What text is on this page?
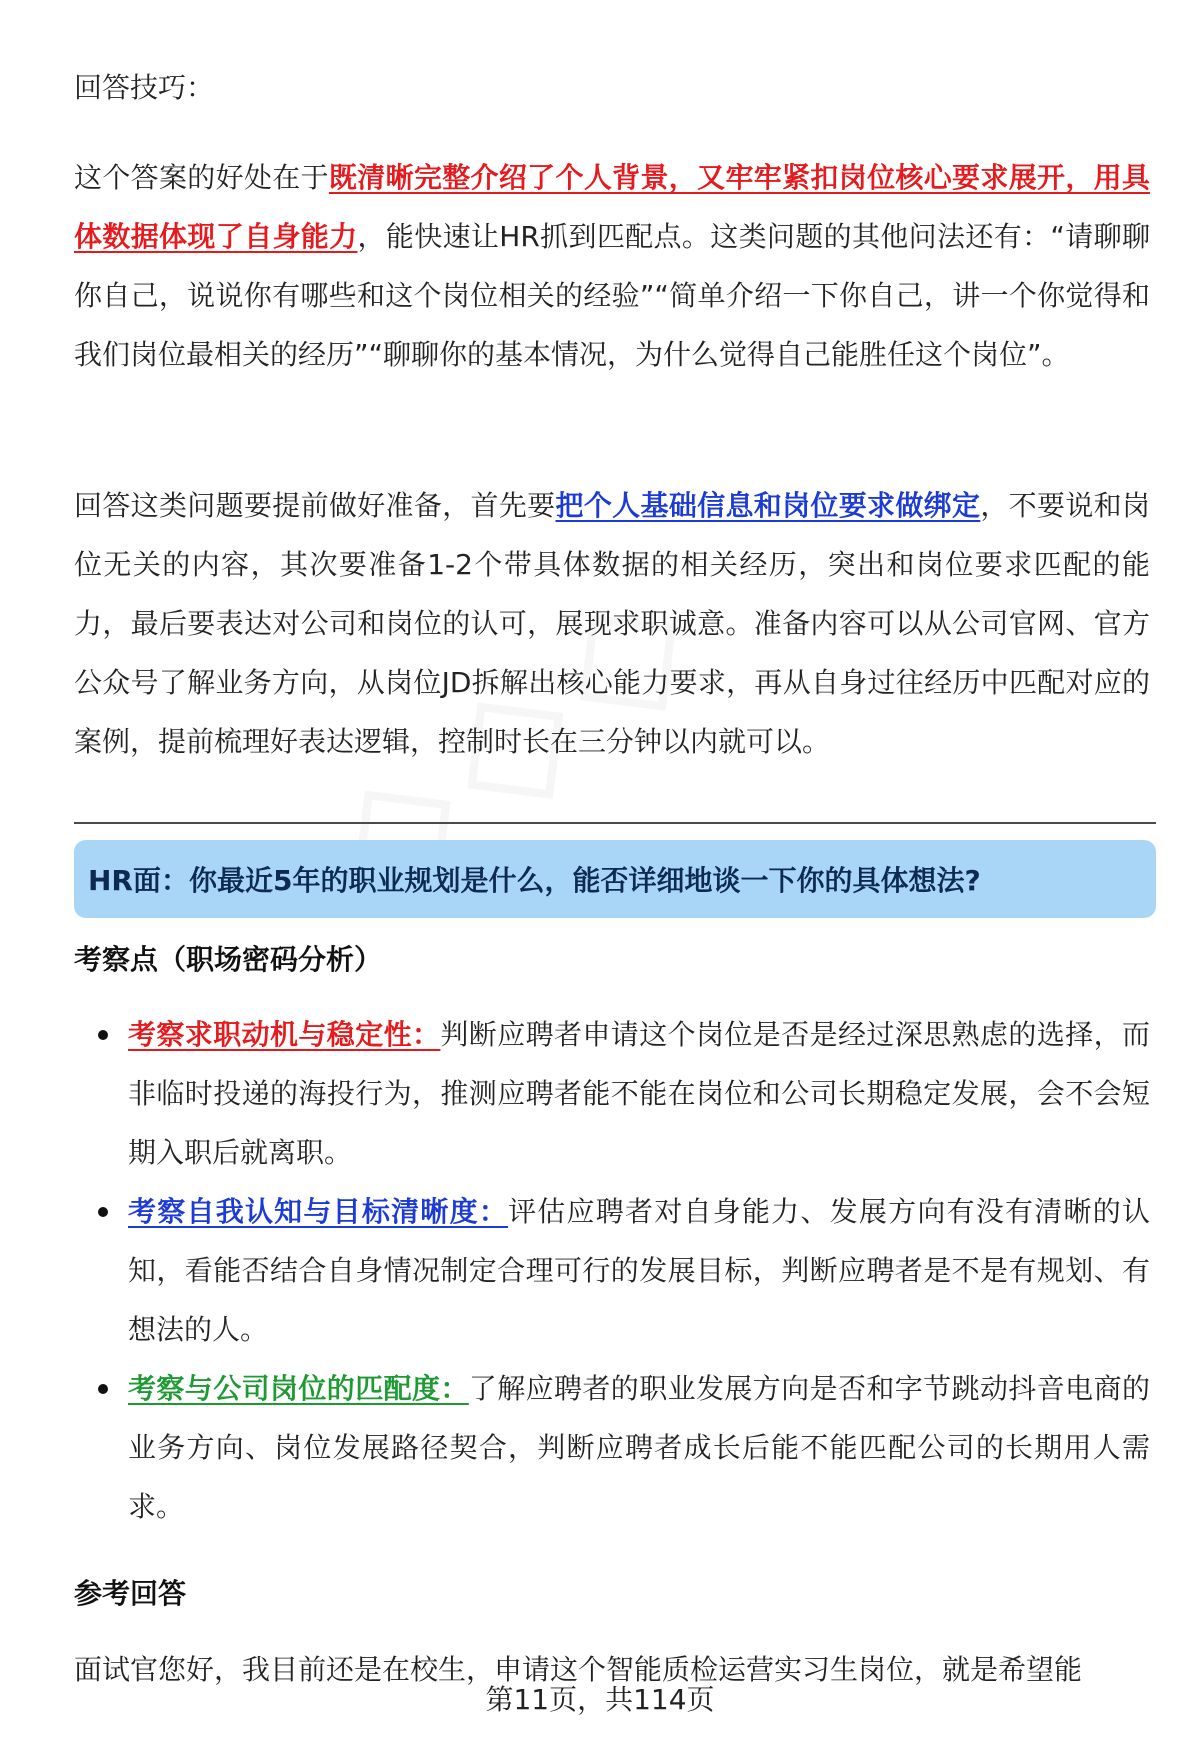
回答技巧：

这个答案的好处在于既清晰完整介绍了个人背景，又牢牢紧扣岗位核心要求展开，用具体数据体现了自身能力，能快速让HR抓到匹配点。这类问题的其他问法还有：“请聊聊你自己，说说你有哪些和这个岗位相关的经验”“简单介绍一下你自己，讲一个你觉得和我们岗位最相关的经历”“聊聊你的基本情况，为什么觉得自己能胜任这个岗位”。

回答这类问题要提前做好准备，首先要把个人基础信息和岗位要求做绑定，不要说和岗位无关的内容，其次要准备1-2个带具体数据的相关经历，突出和岗位要求匹配的能力，最后要表达对公司和岗位的认可，展现求职诚意。准备内容可以从公司官网、官方公众号了解业务方向，从岗位JD拆解出核心能力要求，再从自身过往经历中匹配对应的案例，提前梳理好表达逻辑，控制时长在三分钟以内就可以。

HR面：你最近5年的职业规划是什么，能否详细地谈一下你的具体想法?
考察点（职场密码分析）
考察求职动机与稳定性：判断应聘者申请这个岗位是否是经过深思熟虑的选择，而非临时投递的海投行为，推测应聘者能不能在岗位和公司长期稳定发展，会不会短期入职后就离职。
考察自我认知与目标清晰度：评估应聘者对自身能力、发展方向有没有清晰的认知，看能否结合自身情况制定合理可行的发展目标，判断应聘者是不是有规划、有想法的人。
考察与公司岗位的匹配度：了解应聘者的职业发展方向是否和字节跳动抖音电商的业务方向、岗位发展路径契合，判断应聘者成长后能不能匹配公司的长期用人需求。
参考回答

面试官您好，我目前还是在校生，申请这个智能质检运营实习生岗位，就是希望能

第11页，共114页
